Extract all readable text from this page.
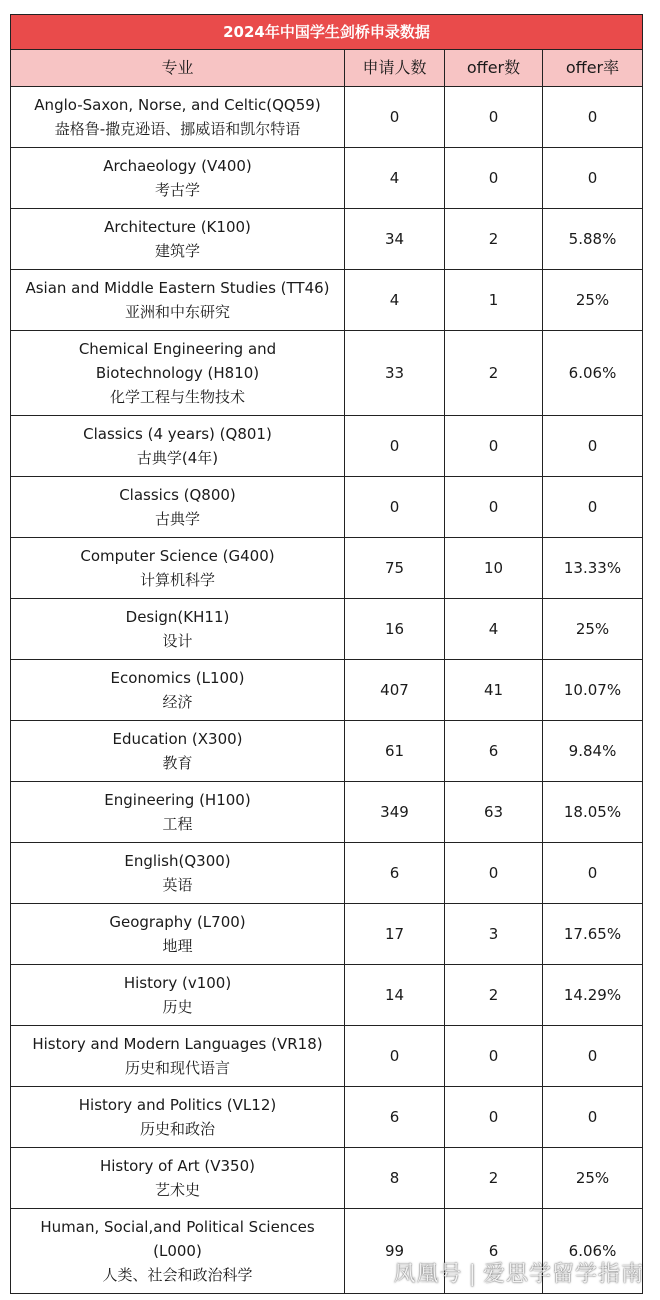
2024年中国学生剑桥申录数据			
专业	申请人数	offer数	offer率

Anglo-Saxon, Norse, and Celtic(QQ59)
盎格鲁-撒克逊语、挪威语和凯尔特语	0	0	0

Archaeology (V400)
考古学	4	0	0

Architecture (K100)
建筑学	34	2	5.88%

Asian and Middle Eastern Studies (TT46)
亚洲和中东研究	4	1	25%

Chemical Engineering and Biotechnology (H810)
化学工程与生物技术	33	2	6.06%

Classics (4 years) (Q801)
古典学(4年)	0	0	0

Classics (Q800)
古典学	0	0	0

Computer Science (G400)
计算机科学	75	10	13.33%

Design(KH11)
设计	16	4	25%

Economics (L100)
经济	407	41	10.07%

Education (X300)
教育	61	6	9.84%

Engineering (H100)
工程	349	63	18.05%

English(Q300)
英语	6	0	0

Geography (L700)
地理	17	3	17.65%

History (v100)
历史	14	2	14.29%

History and Modern Languages (VR18)
历史和现代语言	0	0	0

History and Politics (VL12)
历史和政治	6	0	0

History of Art (V350)
艺术史	8	2	25%

Human, Social,and Political Sciences (L000)
人类、社会和政治科学	99	6	6.06%
凤凰号 | 爱思学留学指南
